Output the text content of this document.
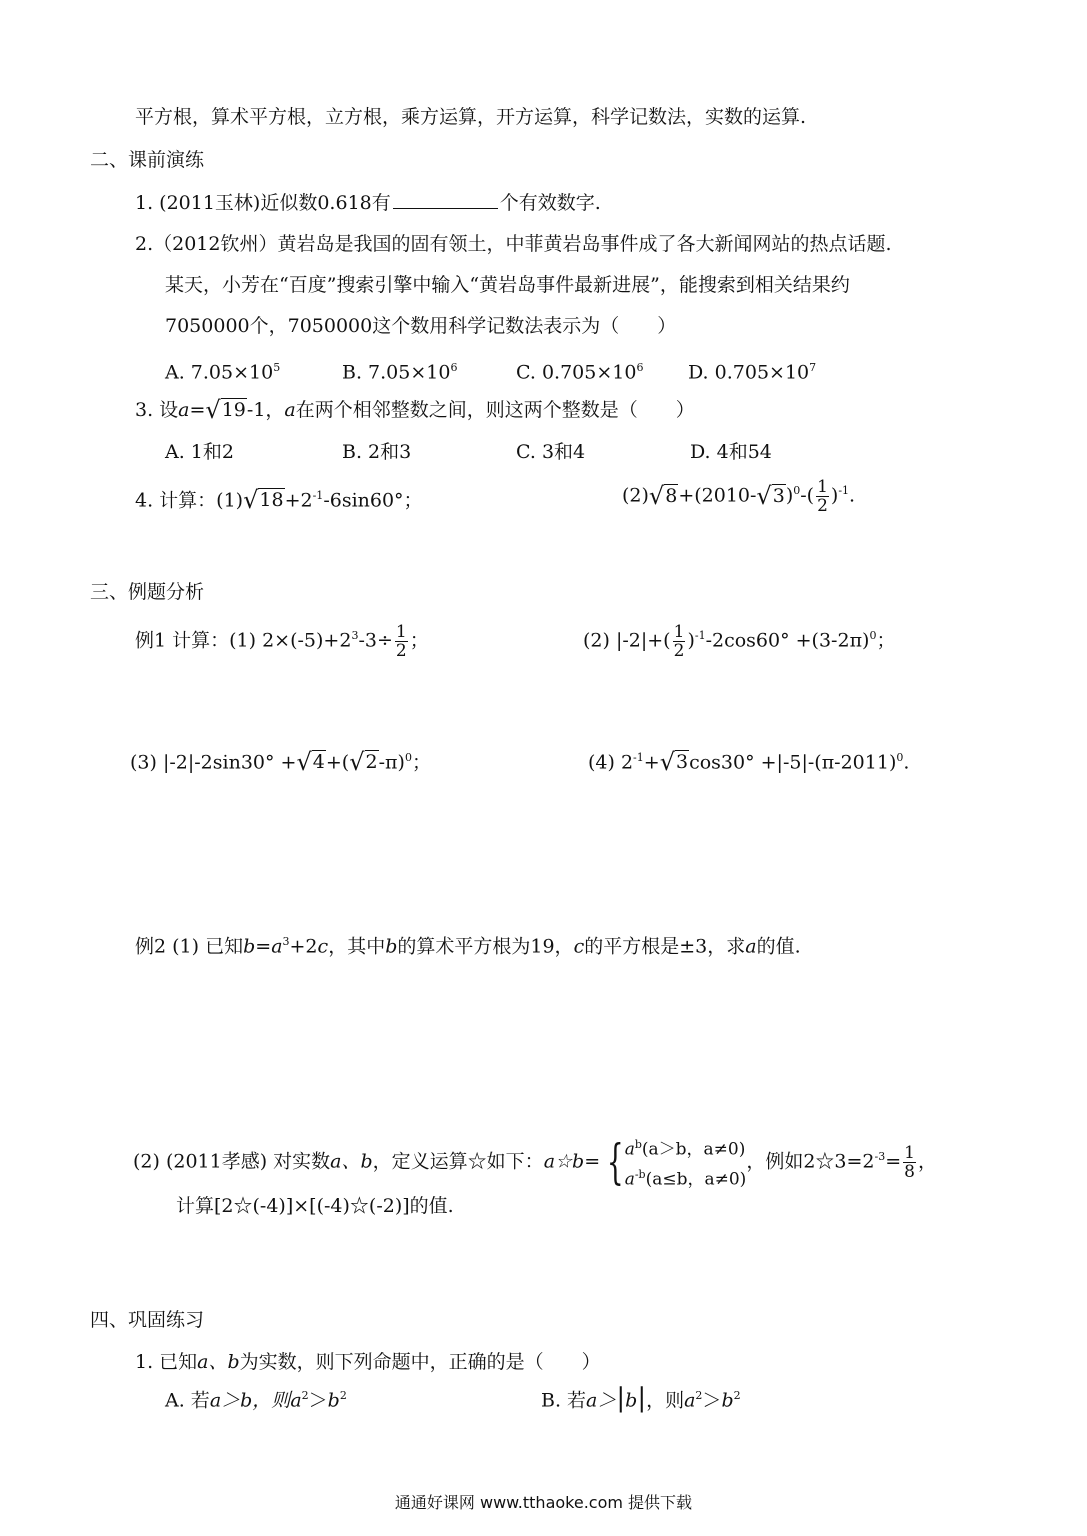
平方根，算术平方根，立方根，乘方运算，开方运算，科学记数法，实数的运算.
二、课前演练
1. (2011玉林)近似数0.618有	个有效数字.
2.（2012钦州）黄岩岛是我国的固有领土，中菲黄岩岛事件成了各大新闻网站的热点话题.
某天，小芳在“百度”搜索引擎中输入“黄岩岛事件最新进展”，能搜索到相关结果约
7050000个，7050000这个数用科学记数法表示为（　　）
A. $7.05\times 10^5$	B. $7.05\times 10^6$	C. $0.705\times 10^6$ D. $0.705\times 10^7$
3. 设a=√19-1，a在两个相邻整数之间，则这两个整数是（　　）
A. 1和2	B. 2和3	C. 3和4	D. 4和54
4. 计算：$(1)√18+2^{-1}-6\sin 60^\circ$；	$(2)√8+(2010-√3)^0-( \frac{1}{2} )^{-1}$.
三、例题分析
例1 计算：(1) $2\times(-5)+2^3-3\div \frac{1}{2}$ ；	(2) $|-2|+( \frac{1}{2} )^{-1}-2\cos 60^\circ +(3-2\pi)^0$；
(3) $|-2|-2\sin 30^\circ +√4+(√2-\pi)^0$；	(4) $2^{-1}+√3\cos 30^\circ +|-5|-(\pi-2011)^0$.
例2 (1) 已知$b=a^3+2c$，其中b的算术平方根为19，c的平方根是±3，求a的值.
(2) (2011孝感) 对实数a、b，定义运算☆如下：a☆b= { $a^b(a>b$，a≠0)
$a^{-b}(a\le b$，a≠0)
，例如$2☆3=2^{-3}= \frac{1}{8}$ ，
计算[2☆(-4)]×[(-4)☆(-2)]的值.
四、巩固练习
1. 已知a、b为实数，则下列命题中，正确的是（　　）
A. 若a＞b，则$a^2>b^2$	B. 若a＞|b|，则$a^2>b^2$
通通好课网 www.tthaoke.com 提供下载
